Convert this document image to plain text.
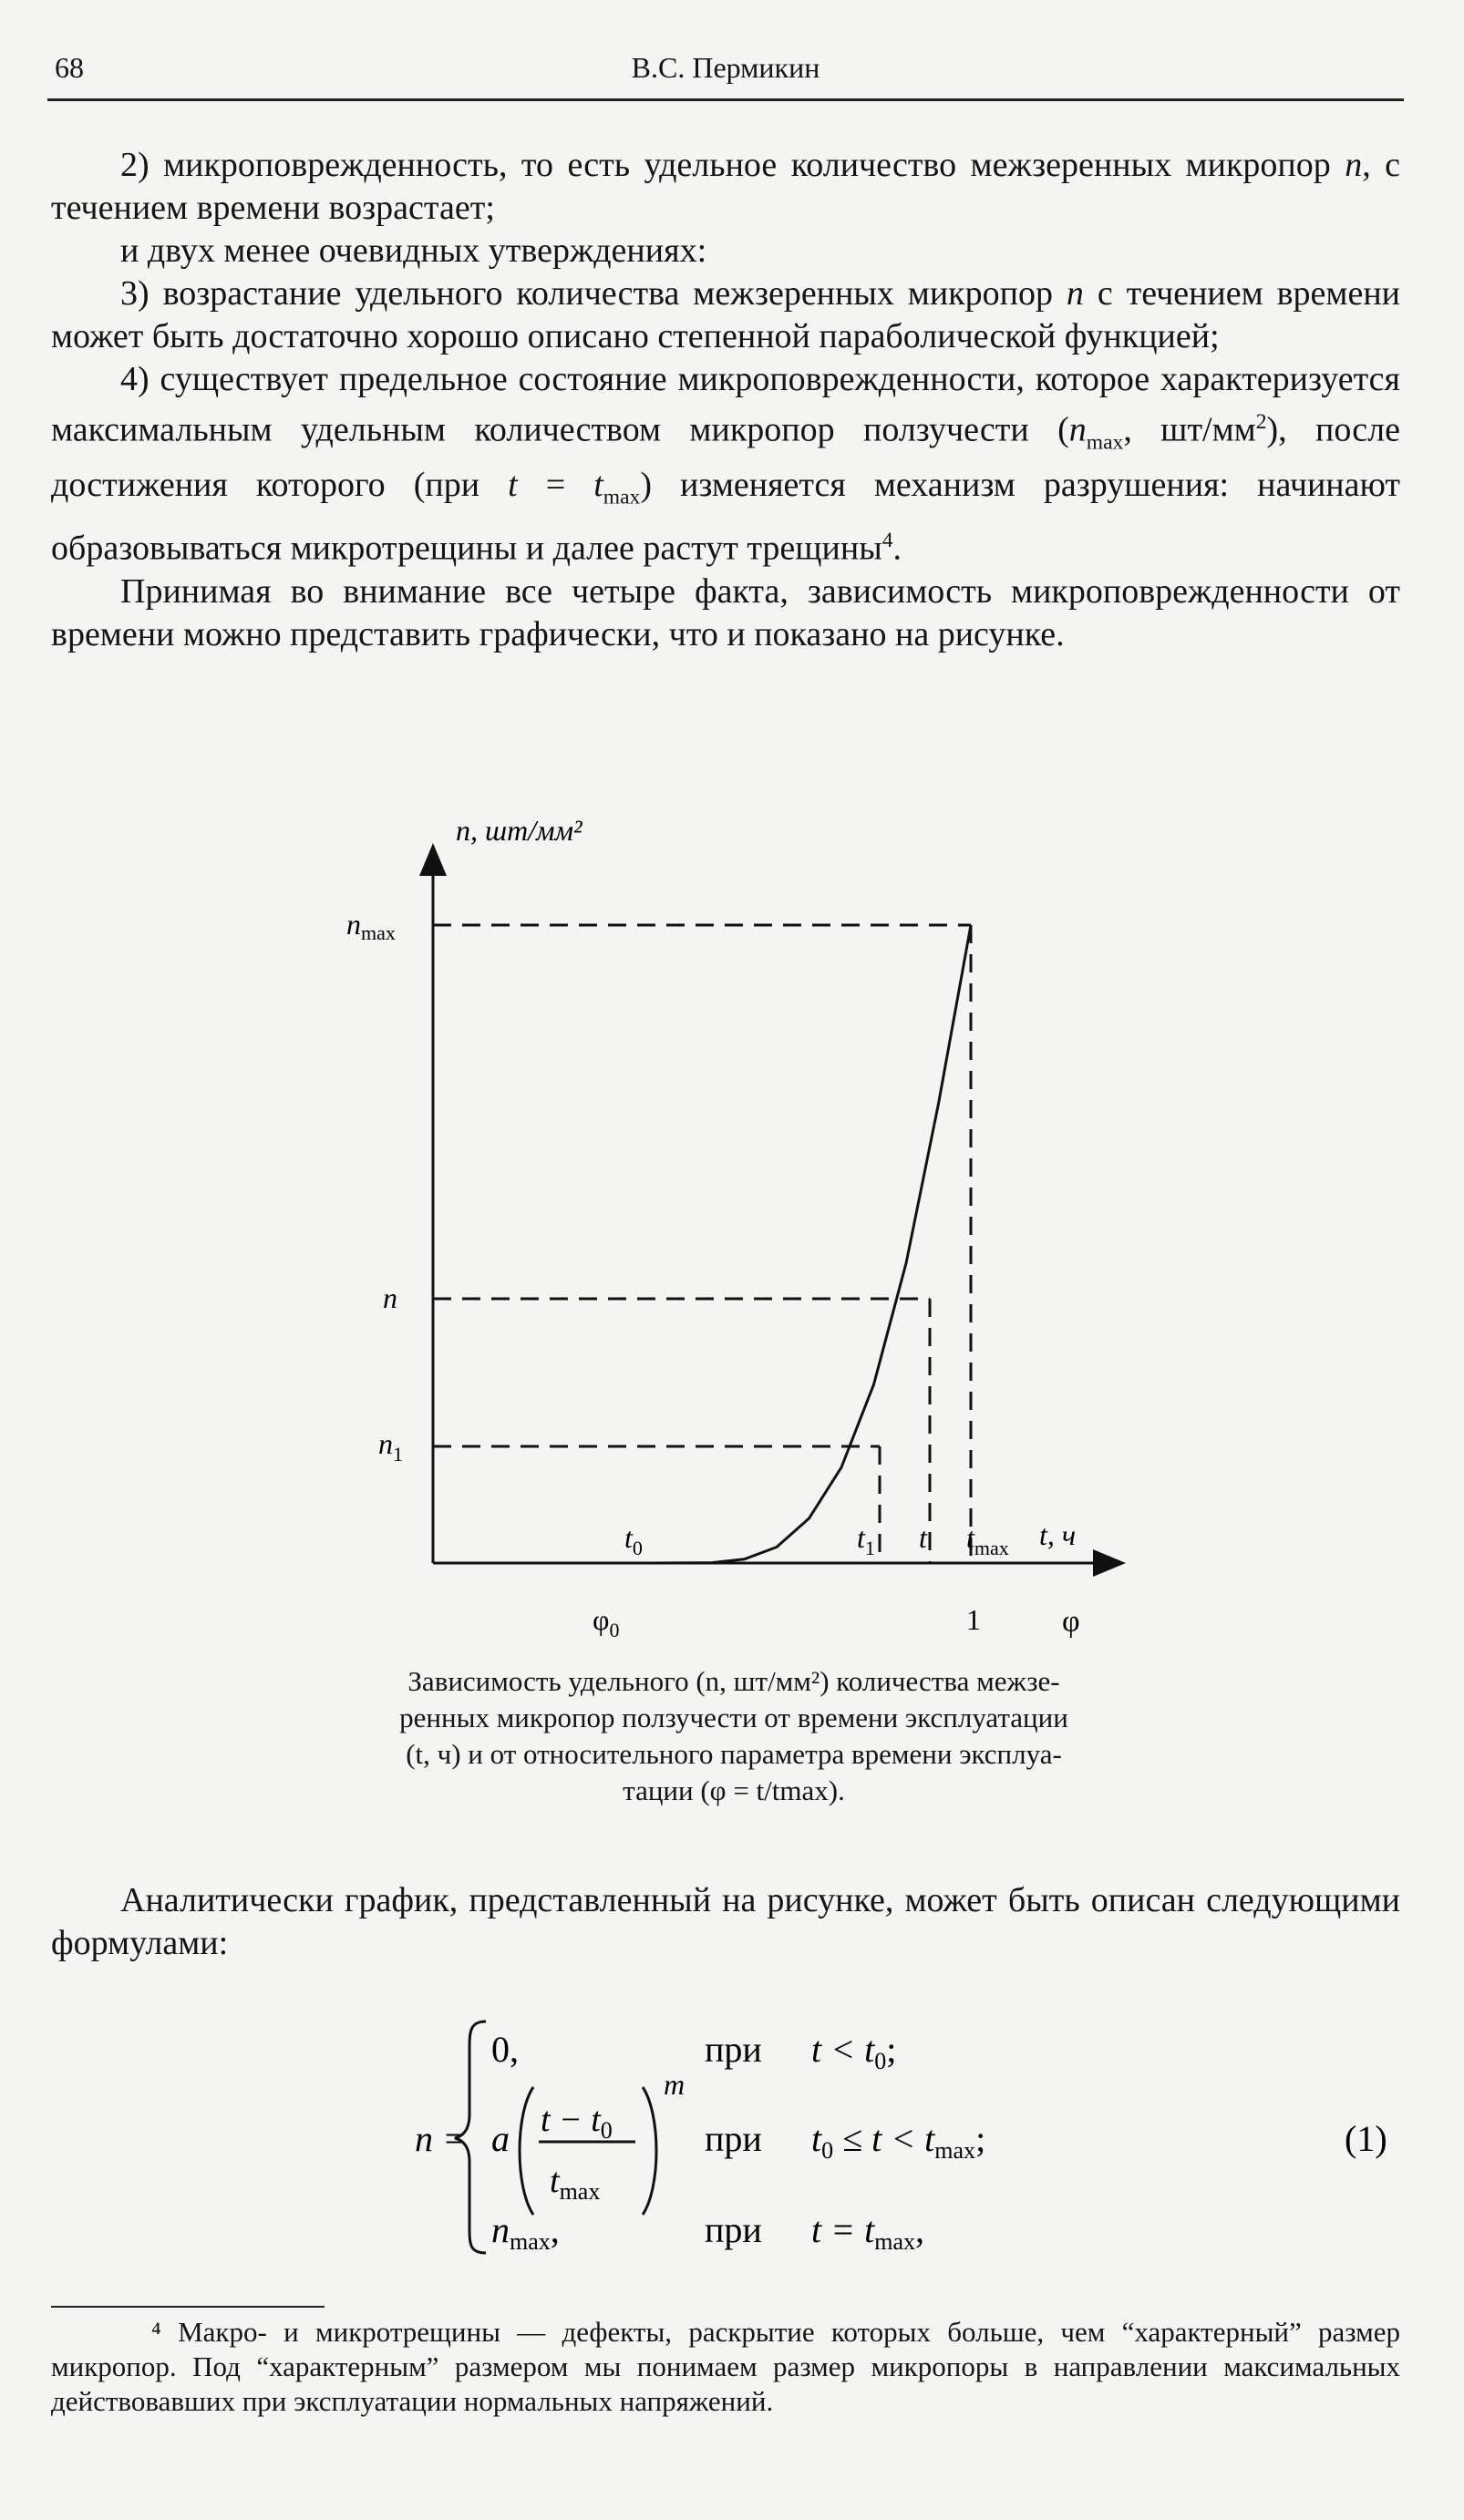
68	В.С. Пермикин

2) микроповрежденность, то есть удельное количество межзеренных микропор n, с течением времени возрастает;

и двух менее очевидных утверждениях:

3) возрастание удельного количества межзеренных микропор n с течением времени может быть достаточно хорошо описано степенной параболической функцией;

4) существует предельное состояние микроповрежденности, которое характеризуется максимальным удельным количеством микропор ползучести ($n_{max}$, $шт/мм^2$), после достижения которого (при $t = t_{max}$) изменяется механизм разрушения: начинают образовываться микротрещины и далее растут трещины$^4$.

Принимая во внимание все четыре факта, зависимость микроповрежденности от времени можно представить графически, что и показано на рисунке.

n, шт/мм²
t, ч
φ
nmax
n
$n_1$
$t_0$	$t_1$ t $t_{max}$
$\varphi_0$	1
Зависимость удельного (n, шт/мм²) количества межзе-
ренных микропор ползучести от времени эксплуатации
(t, ч) и от относительного параметра времени эксплуа-
тации (φ = t/tmax).

Аналитически график, представленный на рисунке, может быть описан следующими формулами:

n =
0,
a $t - t_0$
$t_{max}$
m
$n_{max}$,
при $t < t_0$;
при $t_0 \le t < t_{max}$;
при $t = t_{max}$,
(1)

⁴ Макро- и микротрещины — дефекты, раскрытие которых больше, чем “характерный” размер микропор. Под “характерным” размером мы понимаем размер микропоры в направлении максимальных действовавших при эксплуатации нормальных напряжений.
